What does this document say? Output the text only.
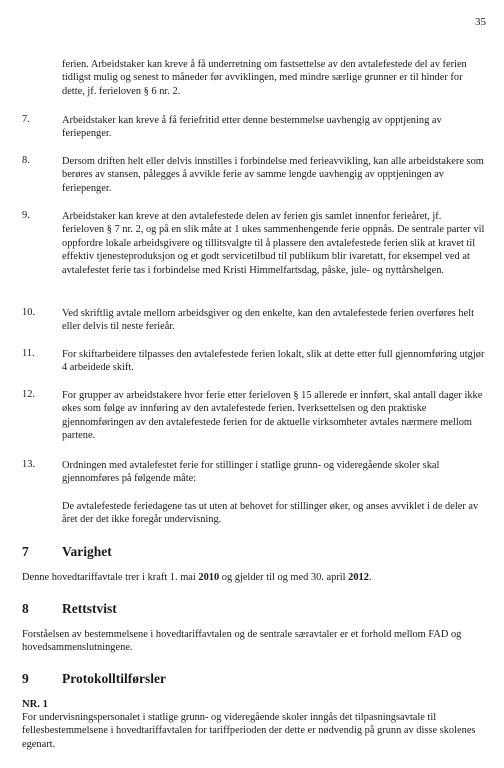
35
ferien. Arbeidstaker kan kreve å få underretning om fastsettelse av den avtalefestede del av ferien tidligst mulig og senest to måneder før avviklingen, med mindre særlige grunner er til hinder for dette, jf. ferieloven § 6 nr. 2.
7.	Arbeidstaker kan kreve å få feriefritid etter denne bestemmelse uavhengig av opptjening av feriepenger.
8.	Dersom driften helt eller delvis innstilles i forbindelse med ferieavvikling, kan alle arbeidstakere som berøres av stansen, pålegges å avvikle ferie av samme lengde uavhengig av opptjeningen av feriepenger.
9.	Arbeidstaker kan kreve at den avtalefestede delen av ferien gis samlet innenfor ferieåret, jf. ferieloven § 7 nr. 2, og på en slik måte at 1 ukes sammenhengende ferie oppnås. De sentrale parter vil oppfordre lokale arbeidsgivere og tillitsvalgte til å plassere den avtalefestede ferien slik at kravet til effektiv tjenesteproduksjon og et godt servicetilbud til publikum blir ivaretatt, for eksempel ved at avtalefestet ferie tas i forbindelse med Kristi Himmelfartsdag, påske, jule- og nyttårshelgen.
10.	Ved skriftlig avtale mellom arbeidsgiver og den enkelte, kan den avtalefestede ferien overføres helt eller delvis til neste ferieår.
11.	For skiftarbeidere tilpasses den avtalefestede ferien lokalt, slik at dette etter full gjennomføring utgjør 4 arbeidede skift.
12.	For grupper av arbeidstakere hvor ferie etter ferieloven § 15 allerede er innført, skal antall dager ikke økes som følge av innføring av den avtalefestede ferien. Iverksettelsen og den praktiske gjennomføringen av den avtalefestede ferien for de aktuelle virksomheter avtales nærmere mellom partene.
13.	Ordningen med avtalefestet ferie for stillinger i statlige grunn- og videregående skoler skal gjennomføres på følgende måte:
De avtalefestede feriedagene tas ut uten at behovet for stillinger øker, og anses avviklet i de deler av året der det ikke foregår undervisning.
7 Varighet
Denne hovedtariffavtale trer i kraft 1. mai 2010 og gjelder til og med 30. april 2012.
8 Rettstvist
Forståelsen av bestemmelsene i hovedtariffavtalen og de sentrale særavtaler er et forhold mellom FAD og hovedsammenslutningene.
9 Protokolltilførsler
NR. 1
For undervisningspersonalet i statlige grunn- og videregående skoler inngås det tilpasningsavtale til fellesbestemmelsene i hovedtariffavtalen for tariffperioden der dette er nødvendig på grunn av disse skolenes egenart.
